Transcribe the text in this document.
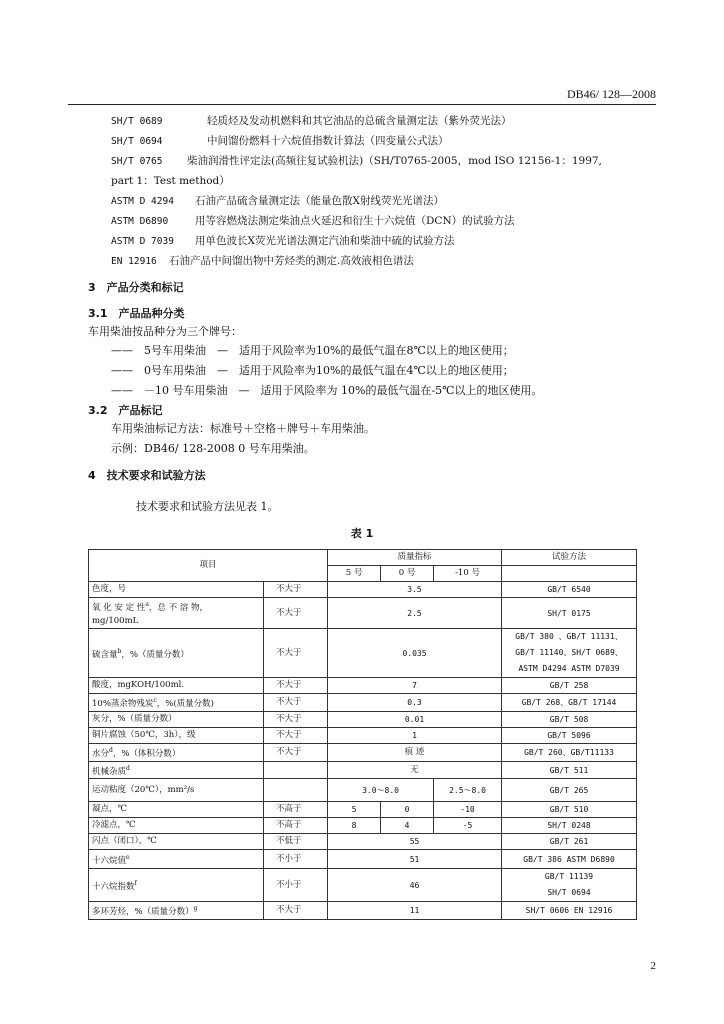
DB46/ 128—2008
SH/T 0689	轻质烃及发动机燃料和其它油品的总硫含量测定法（紫外荧光法）
SH/T 0694	中间馏份燃料十六烷值指数计算法（四变量公式法）
SH/T 0765 柴油润滑性评定法(高频往复试验机法)（SH/T0765-2005，mod ISO 12156-1：1997,
part 1：Test method）
ASTM D 4294 石油产品硫含量测定法（能量色散X射线荧光光谱法）
ASTM D6890	用等容燃烧法测定柴油点火延迟和衍生十六烷值（DCN）的试验方法
ASTM D 7039 用单色波长X荧光光谱法测定汽油和柴油中硫的试验方法
EN 12916 石油产品中间馏出物中芳烃类的测定.高效液相色谱法
3　产品分类和标记
3.1　产品品种分类
车用柴油按品种分为三个牌号：
——　5号车用柴油　—　适用于风险率为10%的最低气温在8℃以上的地区使用；
——　0号车用柴油　—　适用于风险率为10%的最低气温在4℃以上的地区使用；
——　－10 号车用柴油　—　适用于风险率为 10%的最低气温在-5℃以上的地区使用。
3.2　产品标记
车用柴油标记方法：标准号＋空格＋牌号＋车用柴油。
示例：DB46/ 128-2008 0 号车用柴油。
4　技术要求和试验方法
技术要求和试验方法见表 1。
表 1
项目		质量指标			试验方法
		5 号	0 号	-10 号	
色度，号	不大于	3.5			GB/T 6540
氧 化 安 定 性$^a$，总 不 溶 物，
mg/100mL	不大于	2.5			SH/T 0175
硫含量$^b$，%（质量分数）	不大于	0.035			GB/T 380 、GB/T 11131、
GB/T 11140、SH/T 0689、
ASTM D4294 ASTM D7039
酸度，mgKOH/100ml.	不大于	7			GB/T 258
10%蒸余物残炭$^c$，%(质量分数)	不大于	0.3			GB/T 268、GB/T 17144
灰分，%（质量分数）	不大于	0.01			GB/T 508
铜片腐蚀（50℃，3h），级	不大于	1			GB/T 5096
水分$^d$，%（体积分数）	不大于	痕 迹			GB/T 260、GB/T11133
机械杂质$^d$		无			GB/T 511
运动粘度（20℃），mm²/s		3.0～8.0		2.5～8.0	GB/T 265
凝点，℃	不高于	5	0	-10	GB/T 510
冷滤点，℃	不高于	8	4	-5	SH/T 0248
闪点（闭口），℃	不低于	55			GB/T 261
十六烷值$^e$	不小于	51			GB/T 386 ASTM D6890
十六烷指数$^f$	不小于	46			GB/T 11139
SH/T 0694
多环芳烃，%（质量分数）$^g$	不大于	11			SH/T 0606 EN 12916
2
